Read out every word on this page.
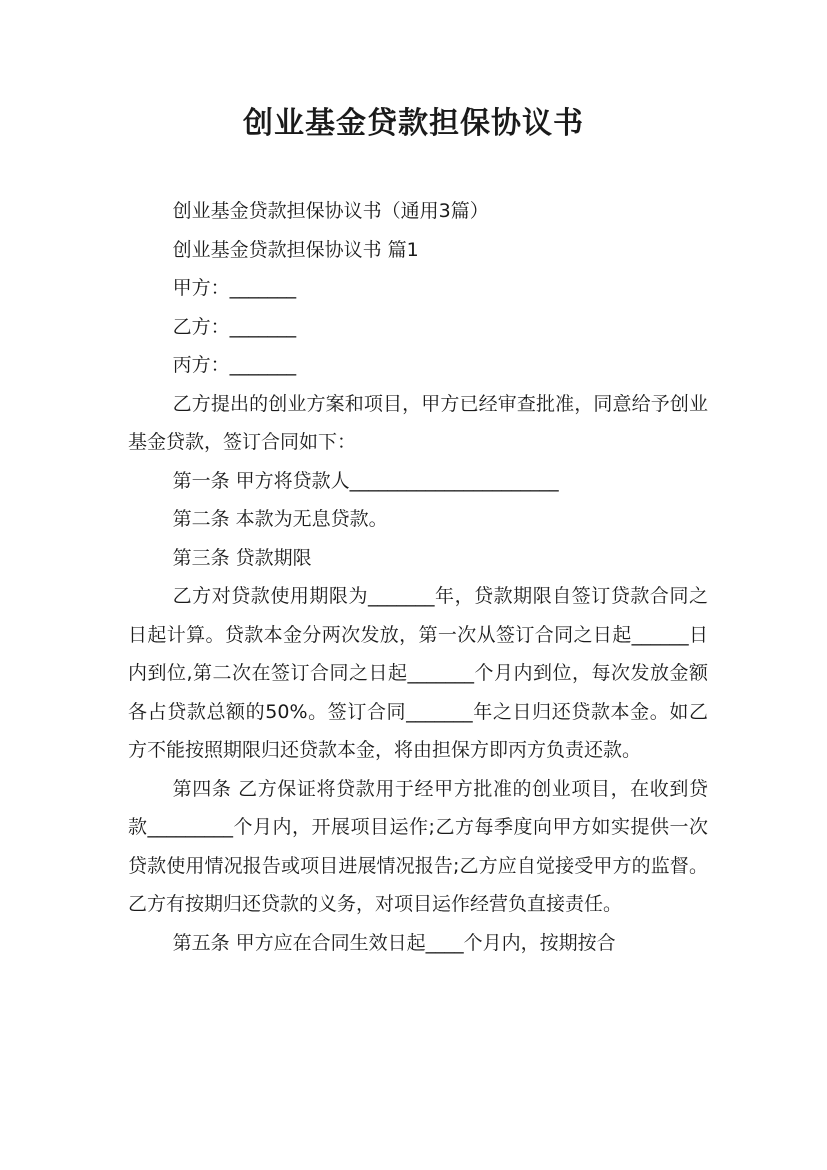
创业基金贷款担保协议书

创业基金贷款担保协议书（通用3篇）

创业基金贷款担保协议书 篇1

甲方：_______

乙方：_______

丙方：_______

乙方提出的创业方案和项目，甲方已经审查批准，同意给予创业基金贷款，签订合同如下：

第一条 甲方将贷款人______________________

第二条 本款为无息贷款。

第三条 贷款期限

乙方对贷款使用期限为_______年，贷款期限自签订贷款合同之日起计算。贷款本金分两次发放，第一次从签订合同之日起______日内到位,第二次在签订合同之日起_______个月内到位，每次发放金额各占贷款总额的50%。签订合同_______年之日归还贷款本金。如乙方不能按照期限归还贷款本金，将由担保方即丙方负责还款。

第四条 乙方保证将贷款用于经甲方批准的创业项目，在收到贷款_________个月内，开展项目运作;乙方每季度向甲方如实提供一次贷款使用情况报告或项目进展情况报告;乙方应自觉接受甲方的监督。乙方有按期归还贷款的义务，对项目运作经营负直接责任。

第五条 甲方应在合同生效日起____个月内，按期按合
